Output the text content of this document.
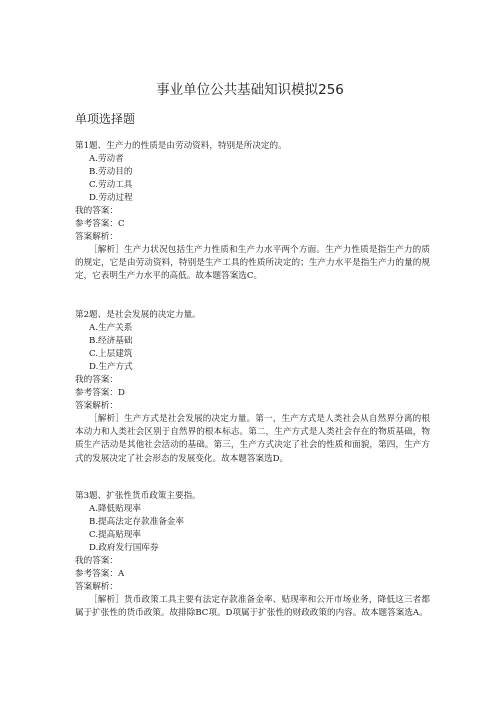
事业单位公共基础知识模拟256
单项选择题
第1题、生产力的性质是由劳动资料，特别是所决定的。
A.劳动者
B.劳动目的
C.劳动工具
D.劳动过程
我的答案：
参考答案：C
答案解析：

［解析］生产力状况包括生产力性质和生产力水平两个方面。生产力性质是指生产力的质的规定，它是由劳动资料，特别是生产工具的性质所决定的；生产力水平是指生产力的量的规定，它表明生产力水平的高低。故本题答案选C。

第2题、是社会发展的决定力量。
A.生产关系
B.经济基础
C.上层建筑
D.生产方式
我的答案：
参考答案：D
答案解析：

［解析］生产方式是社会发展的决定力量。第一，生产方式是人类社会从自然界分离的根本动力和人类社会区别于自然界的根本标志。第二，生产方式是人类社会存在的物质基础，物质生产活动是其他社会活动的基础。第三，生产方式决定了社会的性质和面貌，第四，生产方式的发展决定了社会形态的发展变化。故本题答案选D。

第3题、扩张性货币政策主要指。
A.降低贴现率
B.提高法定存款准备金率
C.提高贴现率
D.政府发行国库券
我的答案：
参考答案：A
答案解析：

［解析］货币政策工具主要有法定存款准备金率、贴现率和公开市场业务，降低这三者都属于扩张性的货币政策。故排除BC项。D项属于扩张性的财政政策的内容。故本题答案选A。
